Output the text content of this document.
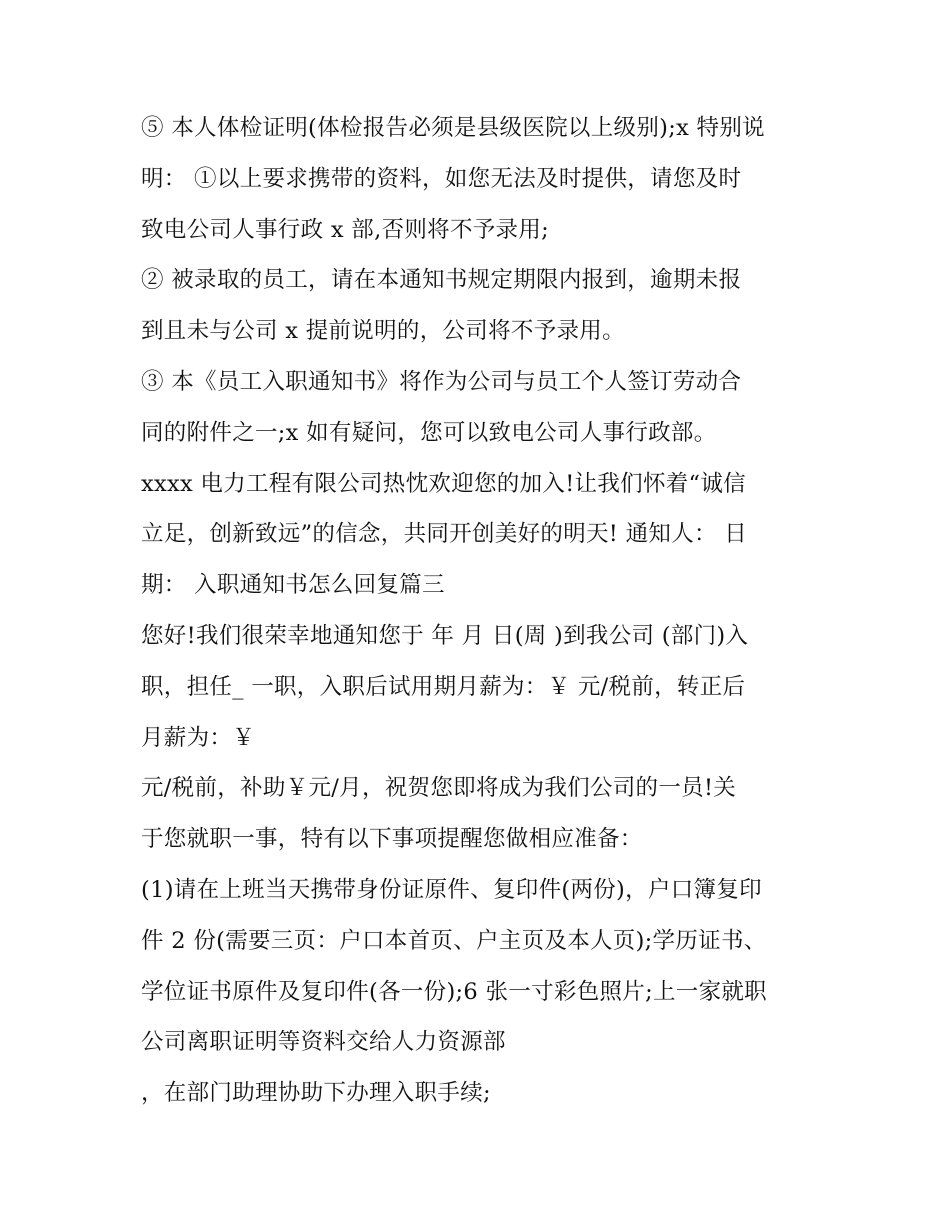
⑤ 本人体检证明(体检报告必须是县级医院以上级别);x 特别说
明： ①以上要求携带的资料，如您无法及时提供，请您及时
致电公司人事行政 x 部,否则将不予录用;
② 被录取的员工，请在本通知书规定期限内报到，逾期未报
到且未与公司 x 提前说明的，公司将不予录用。
③ 本《员工入职通知书》将作为公司与员工个人签订劳动合
同的附件之一;x 如有疑问，您可以致电公司人事行政部。
xxxx 电力工程有限公司热忱欢迎您的加入!让我们怀着“诚信
立足，创新致远”的信念，共同开创美好的明天! 通知人： 日
期： 入职通知书怎么回复篇三
您好!我们很荣幸地通知您于 年 月 日(周 )到我公司 (部门)入
职，担任_ 一职，入职后试用期月薪为：￥ 元/税前，转正后
月薪为：￥
元/税前，补助￥元/月，祝贺您即将成为我们公司的一员!关
于您就职一事，特有以下事项提醒您做相应准备：
(1)请在上班当天携带身份证原件、复印件(两份)，户口簿复印
件 2 份(需要三页：户口本首页、户主页及本人页);学历证书、
学位证书原件及复印件(各一份);6 张一寸彩色照片;上一家就职
公司离职证明等资料交给人力资源部
，在部门助理协助下办理入职手续;
